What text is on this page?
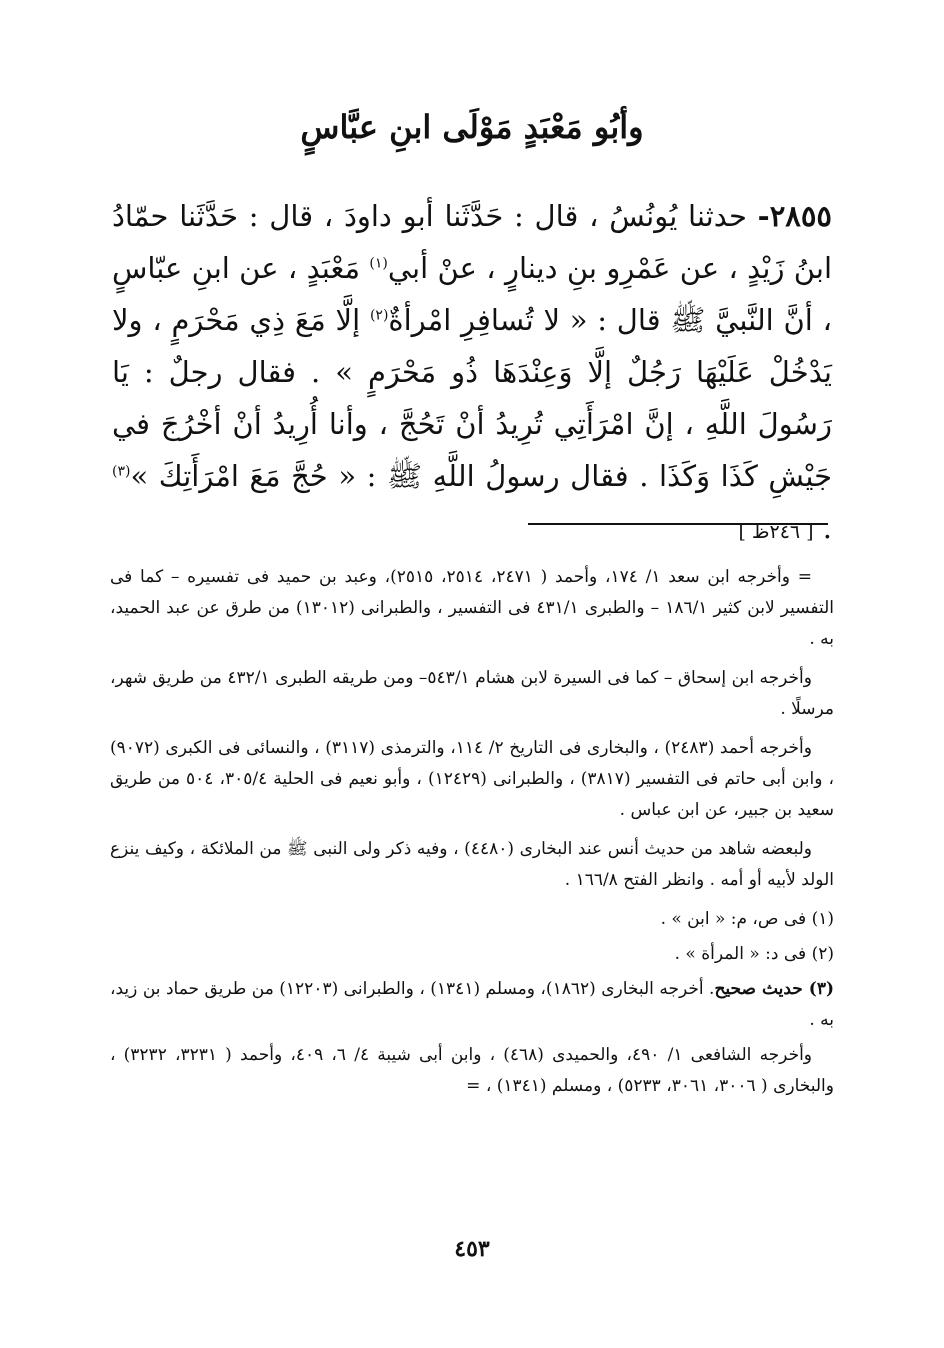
وأبُو مَعْبَدٍ مَوْلَى ابنِ عبَّاسٍ

٢٨٥٥- حدثنا يُونُسُ ، قال : حَدَّثَنا أبو داودَ ، قال : حَدَّثَنا حمّادُ ابنُ زَيْدٍ ، عن عَمْرِو بنِ دينارٍ ، عنْ أبي$^{(١)}$ مَعْبَدٍ ، عن ابنِ عبّاسٍ ، أنَّ النَّبيَّ ﷺ قال : « لا تُسافِرِ امْرأةٌ$^{(٢)}$ إلَّا مَعَ ذِي مَحْرَمٍ ، ولا يَدْخُلْ عَلَيْهَا رَجُلٌ إلَّا وَعِنْدَهَا ذُو مَحْرَمٍ » . فقال رجلٌ : يَا رَسُولَ اللَّهِ ، إنَّ امْرَأَتِي تُرِيدُ أنْ تَحُجَّ ، وأنا أُرِيدُ أنْ أخْرُجَ في جَيْشِ كَذَا وَكَذَا . فقال رسولُ اللَّهِ ﷺ : « حُجَّ مَعَ امْرَأَتِكَ »$^{(٣)}$ . [ ٢٤٦ظ ]

= وأخرجه ابن سعد ١/ ١٧٤، وأحمد ( ٢٤٧١، ٢٥١٤، ٢٥١٥)، وعبد بن حميد فى تفسيره – كما فى التفسير لابن كثير ١٨٦/١ – والطبرى ٤٣١/١ فى التفسير ، والطبرانى (١٣٠١٢) من طرق عن عبد الحميد، به .

وأخرجه ابن إسحاق – كما فى السيرة لابن هشام ٥٤٣/١– ومن طريقه الطبرى ٤٣٢/١ من طريق شهر، مرسلًا .

وأخرجه أحمد (٢٤٨٣) ، والبخارى فى التاريخ ٢/ ١١٤، والترمذى (٣١١٧) ، والنسائى فى الكبرى (٩٠٧٢) ، وابن أبى حاتم فى التفسير (٣٨١٧) ، والطبرانى (١٢٤٢٩) ، وأبو نعيم فى الحلية ٣٠٥/٤، ٥٠٤ من طريق سعيد بن جبير، عن ابن عباس .

ولبعضه شاهد من حديث أنس عند البخارى (٤٤٨٠) ، وفيه ذكر ولى النبى ﷺ من الملائكة ، وكيف ينزع الولد لأبيه أو أمه . وانظر الفتح ١٦٦/٨ .

(١) فى ص، م: « ابن » .

(٢) فى د: « المرأة » .

(٣) حديث صحيح. أخرجه البخارى (١٨٦٢)، ومسلم (١٣٤١) ، والطبرانى (١٢٢٠٣) من طريق حماد بن زيد، به .

وأخرجه الشافعى ١/ ٤٩٠، والحميدى (٤٦٨) ، وابن أبى شيبة ٤/ ٦، ٤٠٩، وأحمد ( ٣٢٣١، ٣٢٣٢) ، والبخارى ( ٣٠٠٦، ٣٠٦١، ٥٢٣٣) ، ومسلم (١٣٤١) ، =

٤٥٣
